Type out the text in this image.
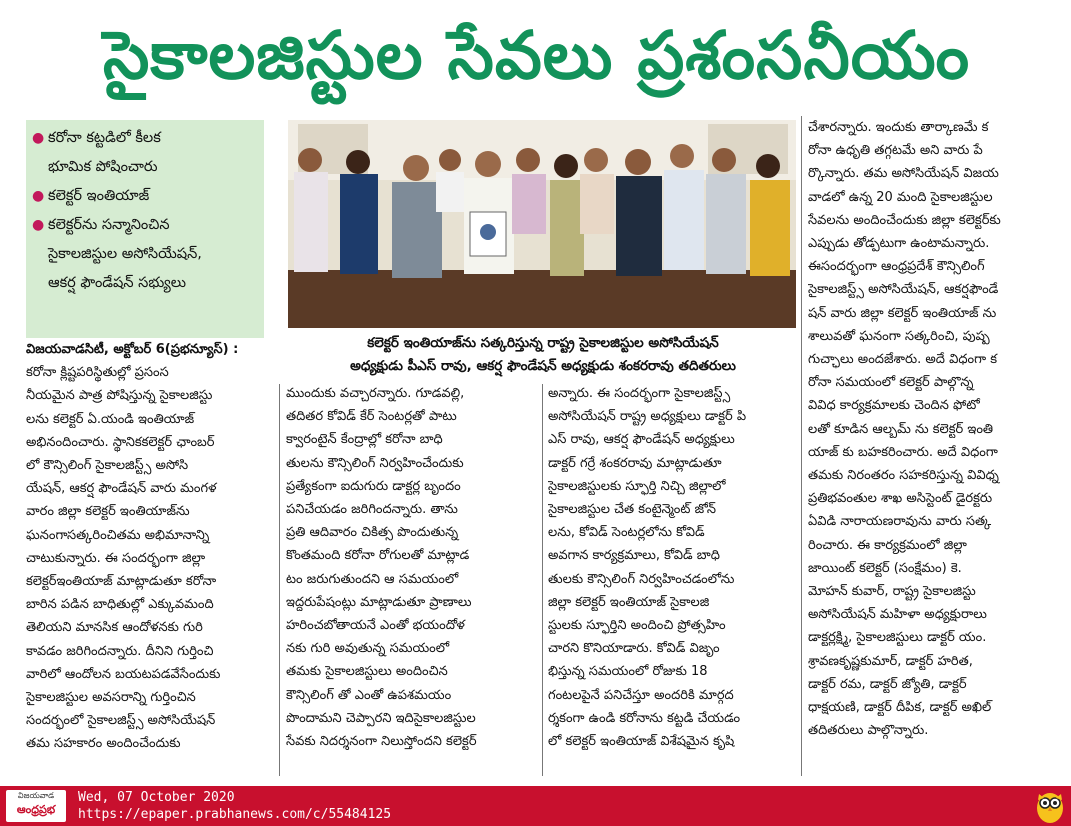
సైకాలజిస్టుల సేవలు ప్రశంసనీయం
● కరోనా కట్టడిలో కీలక
భూమిక పోషించారు
● కలెక్టర్ ఇంతియాజ్
● కలెక్టర్‌ను సన్మానించిన
సైకాలజిస్టుల అసోసియేషన్,
ఆకర్ష ఫౌండేషన్ సభ్యులు
కలెక్టర్ ఇంతియాజ్‌ను సత్కరిస్తున్న రాష్ట్ర సైకాలజిస్టుల అసోసియేషన్
అధ్యక్షుడు పీఎస్ రావు, ఆకర్ష ఫౌండేషన్ అధ్యక్షుడు శంకరరావు తదితరులు

విజయవాడసిటీ, అక్టోబర్ 6(ప్రభన్యూస్) :

కరోనా క్లిష్టపరిస్థితుల్లో ప్రసంస

నీయమైన పాత్ర పోషిస్తున్న సైకాలజిస్టు

లను కలెక్టర్ ఏ.యండి ఇంతియాజ్

అభినందించారు. స్థానికకలెక్టర్ ఛాంబర్

లో కౌన్సిలింగ్ సైకాలజిస్ట్స్ అసోసి

యేషన్, ఆకర్ష ఫౌండేషన్ వారు మంగళ

వారం జిల్లా కలెక్టర్ ఇంతియాజ్‌ను

ఘనంగాసత్కరించితమ అభిమానాన్ని

చాటుకున్నారు. ఈ సందర్భంగా జిల్లా

కలెక్టర్ఇంతియాజ్ మాట్లాడుతూ కరోనా

బారిన పడిన బాధితుల్లో ఎక్కువమంది

తెలియని మానసిక ఆందోళనకు గురి

కావడం జరిగిందన్నారు. దీనిని గుర్తించి

వారిలో ఆందోలన బయటపడవేసేందుకు

సైకాలజిస్టుల అవసరాన్ని గుర్తించిన

సందర్భంలో సైకాలజిస్ట్స్ అసోసియేషన్

తమ సహకారం అందించేందుకు

ముందుకు వచ్చారన్నారు. గూడవల్లి,

తదితర కోవిడ్ కేర్ సెంటర్లతో పాటు

క్వారంటైన్ కేంద్రాల్లో కరోనా బాధి

తులను కౌన్సిలింగ్ నిర్వహించేందుకు

ప్రత్యేకంగా ఐదుగురు డాక్టర్ల బృందం

పనిచేయడం జరిగిందన్నారు. తాను

ప్రతి ఆదివారం చికిత్స పొందుతున్న

కొంతమంది కరోనా రోగులతో మాట్లాడ

టం జరుగుతుందని ఆ సమయంలో

ఇద్దరుపేషంట్లు మాట్లాడుతూ ప్రాణాలు

హరించబోతాయనే ఎంతో భయందోళ

నకు గురి అవుతున్న సమయంలో

తమకు సైకాలజిస్టులు అందించిన

కౌన్సిలింగ్ తో ఎంతో ఉపశమయం

పొందామని చెప్పారని ఇదిసైకాలజిస్టుల

సేవకు నిదర్శనంగా నిలుస్తోందని కలెక్టర్

అన్నారు. ఈ సందర్భంగా సైకాలజిస్ట్స్

అసోసియేషన్ రాష్ట్ర అధ్యక్షులు డాక్టర్ పి

ఎస్ రావు, ఆకర్ష ఫౌండేషన్ అధ్యక్షులు

డాక్టర్ గర్రే శంకరరావు మాట్లాడుతూ

సైకాలజిస్టులకు స్ఫూర్తి నిచ్చి జిల్లాలో

సైకాలజిస్టుల చేత కంటైన్మెంట్ జోన్

లను, కోవిడ్ సెంటర్లలోను కోవిడ్

అవగాన కార్యక్రమాలు, కోవిడ్ బాధి

తులకు కౌన్సిలింగ్ నిర్వహించడంలోను

జిల్లా కలెక్టర్ ఇంతియాజ్ సైకాలజి

స్టులకు స్ఫూర్తిని అందించి ప్రోత్సహిం

చారని కొనియాడారు. కోవిడ్ విజృం

భిస్తున్న సమయంలో రోజుకు 18

గంటలపైనే పనిచేస్తూ అందరికి మార్గద

ర్శకంగా ఉండి కరోనాను కట్టడి చేయడం

లో కలెక్టర్ ఇంతియాజ్ విశేషమైన కృషి

చేశారన్నారు. ఇందుకు తార్కాణమే క

రోనా ఉధృతి తగ్గటమే అని వారు పే

ర్కొన్నారు. తమ అసోసియేషన్ విజయ

వాడలో ఉన్న 20 మంది సైకాలజిస్టుల

సేవలను అందించేందుకు జిల్లా కలెక్టర్‌కు

ఎప్పుడు తోడ్పటుగా ఉంటామన్నారు.

ఈసందర్భంగా ఆంధ్రప్రదేశ్ కౌన్సిలింగ్

సైకాలజిస్ట్స్ అసోసియేషన్, ఆకర్షఫౌండే

షన్ వారు జిల్లా కలెక్టర్ ఇంతియాజ్ ను

శాలువతో ఘనంగా సత్కరించి, పుష్ప

గుచ్ఛాలు అందజేశారు. అదే విధంగా క

రోనా సమయంలో కలెక్టర్ పాల్గొన్న

వివిధ కార్యక్రమాలకు చెందిన ఫోటో

లతో కూడిన ఆల్బమ్ ను కలెక్టర్ ఇంతి

యాజ్ కు బహకరించారు. అదే విధంగా

తమకు నిరంతరం సహకరిస్తున్న వివిధ్న

ప్రతిభవంతుల శాఖ అసిస్టెంట్ డైరక్టరు

ఏవిడి నారాయణరావును వారు సత్క

రించారు. ఈ కార్యక్రమంలో జిల్లా

జాయింట్ కలెక్టర్ (సంక్షేమం) కె.

మోహన్ కువార్, రాష్ట్ర సైకాలజిస్టు

అసోసియేషన్ మహిళా అధ్యక్షురాలు

డాక్టర్లక్ష్మి, సైకాలజిస్టులు డాక్టర్ యం.

శ్రావణకృష్ణకుమార్, డాక్టర్ హరిత,

డాక్టర్ రమ, డాక్టర్ జ్యోతి, డాక్టర్

ధాక్షయణి, డాక్టర్ దీపిక, డాక్టర్ అఖిల్

తదితరులు పాల్గొన్నారు.

విజయవాడ
ఆంధ్రప్రభ
Wed, 07 October 2020
https://epaper.prabhanews.com/c/55484125
